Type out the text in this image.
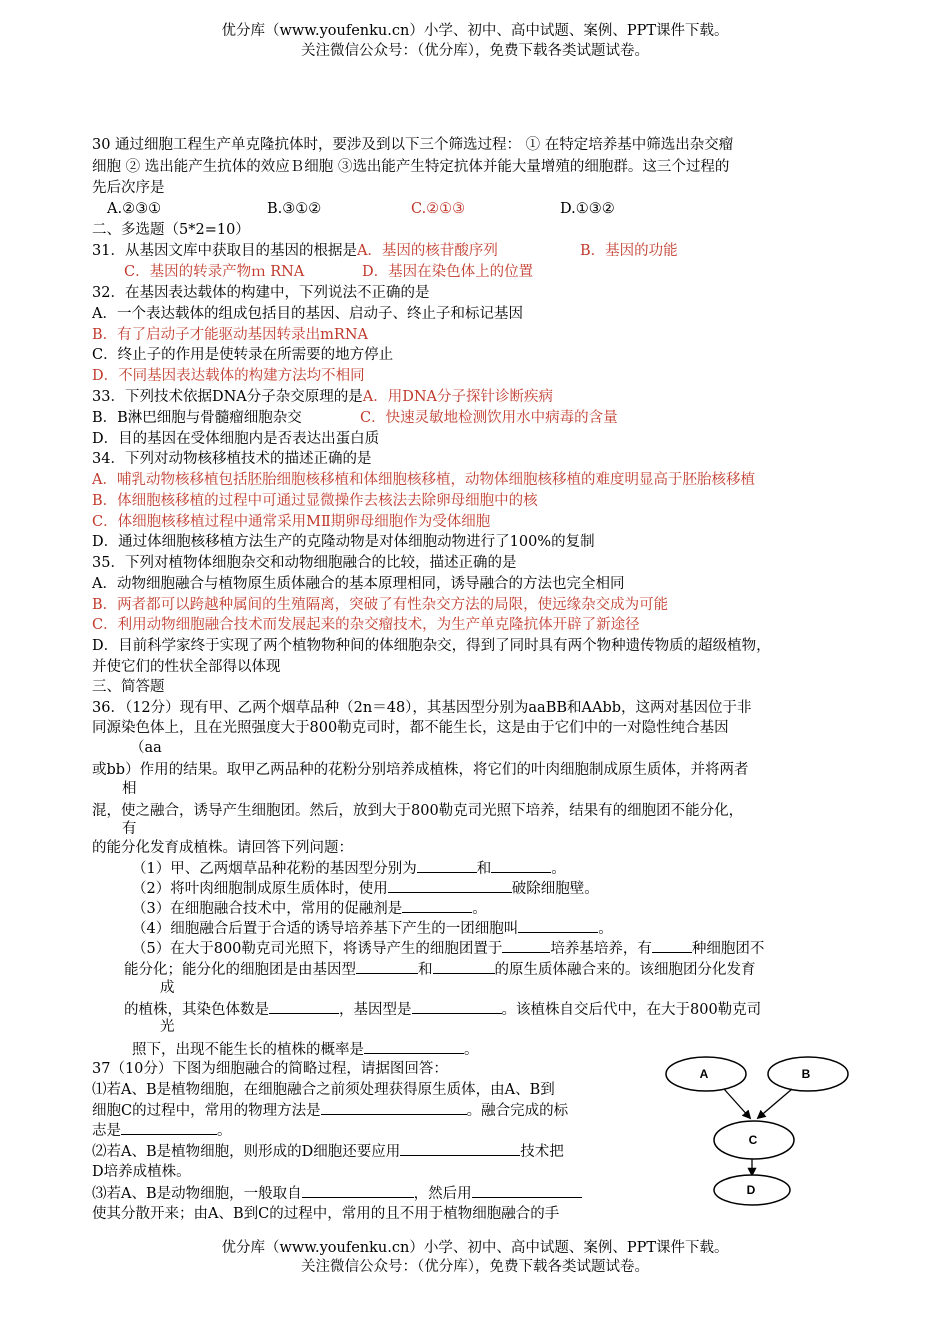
优分库（www.youfenku.cn）小学、初中、高中试题、案例、PPT课件下载。
关注微信公众号：（优分库），免费下载各类试题试卷。
30 通过细胞工程生产单克隆抗体时，要涉及到以下三个筛选过程： ① 在特定培养基中筛选出杂交瘤
细胞 ② 选出能产生抗体的效应Ｂ细胞 ③选出能产生特定抗体并能大量增殖的细胞群。这三个过程的
先后次序是
A.②③①	B.③①②	C.②①③	D.①③②
二、多选题（5*2=10）
31．从基因文库中获取目的基因的根据是A．基因的核苷酸序列	B．基因的功能
C．基因的转录产物ｍ RNA	D．基因在染色体上的位置
32．在基因表达载体的构建中，下列说法不正确的是
A．一个表达载体的组成包括目的基因、启动子、终止子和标记基因
B．有了启动子才能驱动基因转录出mRNA
C．终止子的作用是使转录在所需要的地方停止
D．不同基因表达载体的构建方法均不相同
33．下列技术依据DNA分子杂交原理的是A．用DNA分子探针诊断疾病
B．B淋巴细胞与骨髓瘤细胞杂交	C．快速灵敏地检测饮用水中病毒的含量
D．目的基因在受体细胞内是否表达出蛋白质
34．下列对动物核移植技术的描述正确的是
A．哺乳动物核移植包括胚胎细胞核移植和体细胞核移植，动物体细胞核移植的难度明显高于胚胎核移植
B．体细胞核移植的过程中可通过显微操作去核法去除卵母细胞中的核
C．体细胞核移植过程中通常采用MⅡ期卵母细胞作为受体细胞
D．通过体细胞核移植方法生产的克隆动物是对体细胞动物进行了100%的复制
35．下列对植物体细胞杂交和动物细胞融合的比较，描述正确的是
A．动物细胞融合与植物原生质体融合的基本原理相同，诱导融合的方法也完全相同
B．两者都可以跨越种属间的生殖隔离，突破了有性杂交方法的局限，使远缘杂交成为可能
C．利用动物细胞融合技术而发展起来的杂交瘤技术，为生产单克隆抗体开辟了新途径
D．目前科学家终于实现了两个植物物种间的体细胞杂交，得到了同时具有两个物种遗传物质的超级植物，
并使它们的性状全部得以体现
三、简答题
36．（12分）现有甲、乙两个烟草品种（2n＝48），其基因型分别为aaBB和AAbb，这两对基因位于非
同源染色体上，且在光照强度大于800勒克司时，都不能生长，这是由于它们中的一对隐性纯合基因
（aa
或bb）作用的结果。取甲乙两品种的花粉分别培养成植株，将它们的叶肉细胞制成原生质体，并将两者
相
混，使之融合，诱导产生细胞团。然后，放到大于800勒克司光照下培养，结果有的细胞团不能分化，
有
的能分化发育成植株。请回答下列问题：
（1）甲、乙两烟草品种花粉的基因型分别为	和	。
（2）将叶肉细胞制成原生质体时，使用	破除细胞壁。
（3）在细胞融合技术中，常用的促融剂是	。
（4）细胞融合后置于合适的诱导培养基下产生的一团细胞叫	。
（5）在大于800勒克司光照下，将诱导产生的细胞团置于	培养基培养，有	种细胞团不
能分化；能分化的细胞团是由基因型	和	的原生质体融合来的。该细胞团分化发育
成
的植株，其染色体数是	，基因型是	。该植株自交后代中，在大于800勒克司
光
照下，出现不能生长的植株的概率是	。
37（10分）下图为细胞融合的简略过程，请据图回答：
⑴若A、B是植物细胞，在细胞融合之前须处理获得原生质体，由A、B到
细胞C的过程中，常用的物理方法是	。融合完成的标
志是	。
⑵若A、B是植物细胞，则形成的D细胞还要应用	技术把
D培养成植株。
⑶若A、B是动物细胞，一般取自	，然后用
使其分散开来；由A、B到C的过程中，常用的且不用于植物细胞融合的手
A	B
C
D
优分库（www.youfenku.cn）小学、初中、高中试题、案例、PPT课件下载。
关注微信公众号：（优分库），免费下载各类试题试卷。
